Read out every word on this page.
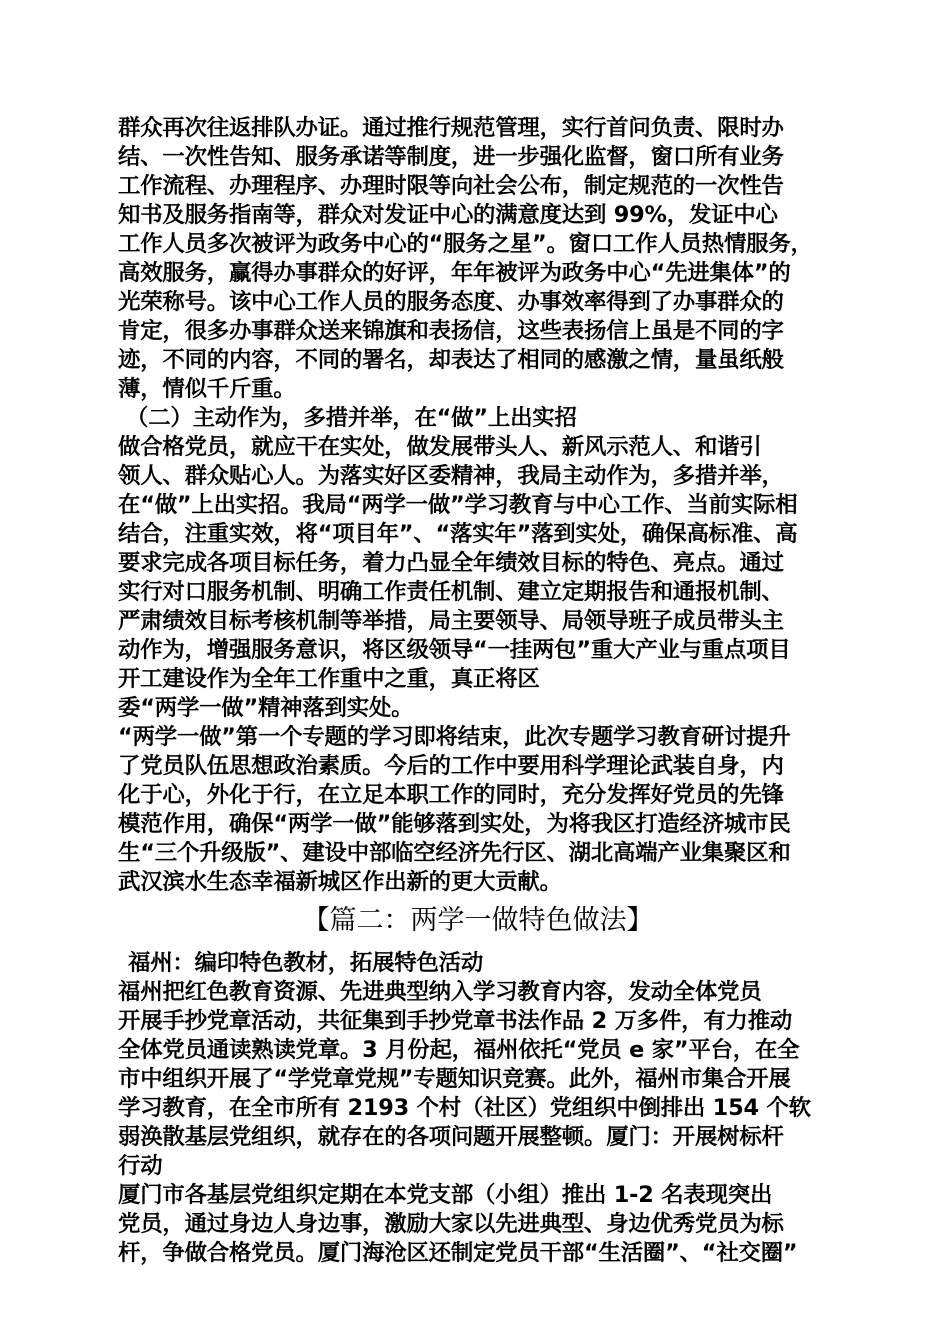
群众再次往返排队办证。通过推行规范管理，实行首问负责、限时办
结、一次性告知、服务承诺等制度，进一步强化监督，窗口所有业务
工作流程、办理程序、办理时限等向社会公布，制定规范的一次性告
知书及服务指南等，群众对发证中心的满意度达到 99%，发证中心
工作人员多次被评为政务中心的“服务之星”。窗口工作人员热情服务，
高效服务，赢得办事群众的好评，年年被评为政务中心“先进集体”的
光荣称号。该中心工作人员的服务态度、办事效率得到了办事群众的
肯定，很多办事群众送来锦旗和表扬信，这些表扬信上虽是不同的字
迹，不同的内容，不同的署名，却表达了相同的感激之情，量虽纸般
薄，情似千斤重。
（二）主动作为，多措并举，在“做”上出实招
做合格党员，就应干在实处，做发展带头人、新风示范人、和谐引
领人、群众贴心人。为落实好区委精神，我局主动作为，多措并举，
在“做”上出实招。我局“两学一做”学习教育与中心工作、当前实际相
结合，注重实效，将“项目年”、“落实年”落到实处，确保高标准、高
要求完成各项目标任务，着力凸显全年绩效目标的特色、亮点。通过
实行对口服务机制、明确工作责任机制、建立定期报告和通报机制、
严肃绩效目标考核机制等举措，局主要领导、局领导班子成员带头主
动作为，增强服务意识，将区级领导“一挂两包”重大产业与重点项目
开工建设作为全年工作重中之重，真正将区
委“两学一做”精神落到实处。
“两学一做”第一个专题的学习即将结束，此次专题学习教育研讨提升
了党员队伍思想政治素质。今后的工作中要用科学理论武装自身，内
化于心，外化于行，在立足本职工作的同时，充分发挥好党员的先锋
模范作用，确保“两学一做”能够落到实处，为将我区打造经济城市民
生“三个升级版”、建设中部临空经济先行区、湖北高端产业集聚区和
武汉滨水生态幸福新城区作出新的更大贡献。
【篇二：两学一做特色做法】
福州：编印特色教材，拓展特色活动
福州把红色教育资源、先进典型纳入学习教育内容，发动全体党员
开展手抄党章活动，共征集到手抄党章书法作品 2 万多件，有力推动
全体党员通读熟读党章。3 月份起，福州依托“党员 e 家”平台，在全
市中组织开展了“学党章党规”专题知识竞赛。此外，福州市集合开展
学习教育，在全市所有 2193 个村（社区）党组织中倒排出 154 个软
弱涣散基层党组织，就存在的各项问题开展整顿。厦门：开展树标杆
行动
厦门市各基层党组织定期在本党支部（小组）推出 1-2 名表现突出
党员，通过身边人身边事，激励大家以先进典型、身边优秀党员为标
杆，争做合格党员。厦门海沧区还制定党员干部“生活圈”、“社交圈”
